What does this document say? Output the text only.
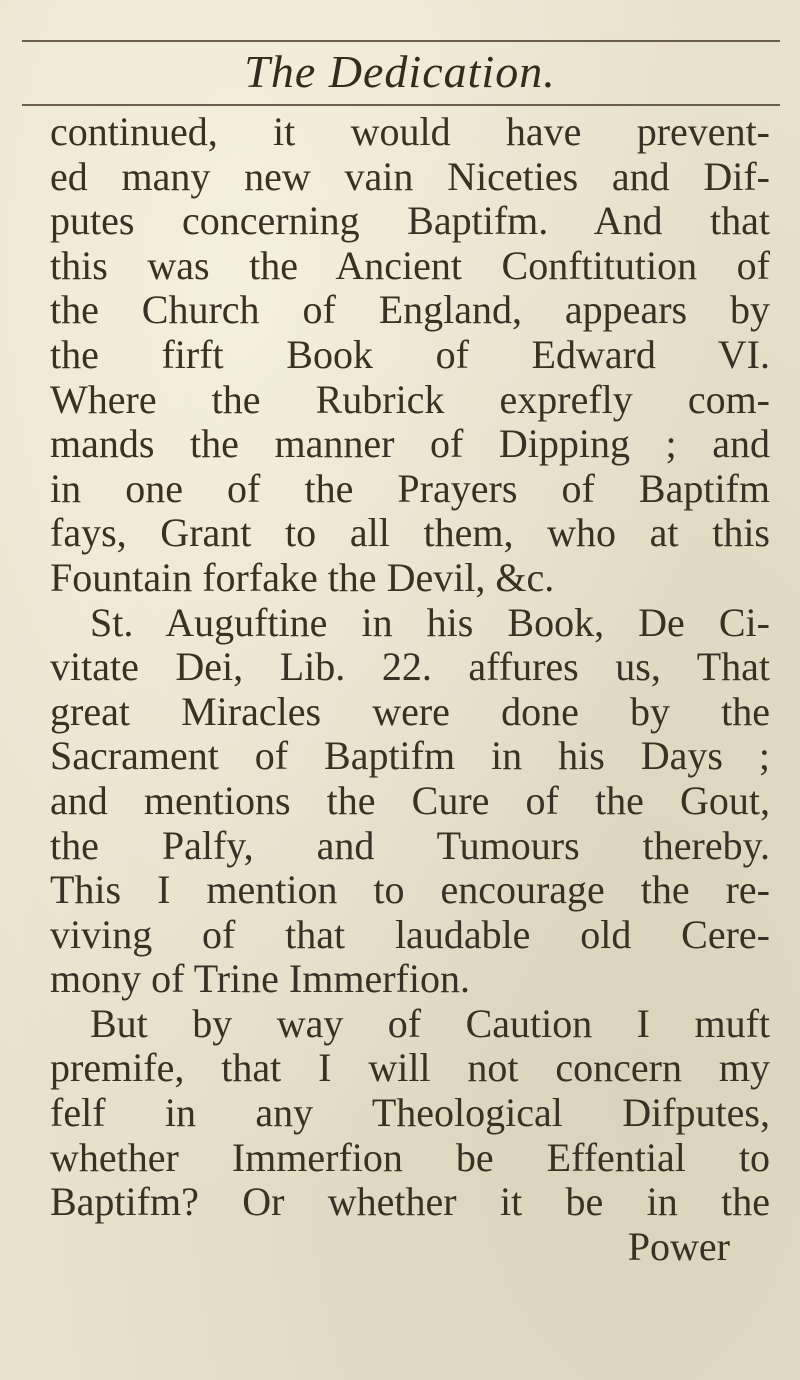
The Dedication.
continued, it would have prevent-
ed many new vain Niceties and Dif-
putes concerning Baptifm. And that
this was the Ancient Conftitution of
the Church of England, appears by
the firft Book of Edward VI.
Where the Rubrick exprefly com-
mands the manner of Dipping ; and
in one of the Prayers of Baptifm
fays, Grant to all them, who at this
Fountain forfake the Devil, &c.
St. Auguftine in his Book, De Ci-
vitate Dei, Lib. 22. affures us, That
great Miracles were done by the
Sacrament of Baptifm in his Days ;
and mentions the Cure of the Gout,
the Palfy, and Tumours thereby.
This I mention to encourage the re-
viving of that laudable old Cere-
mony of Trine Immerfion.
But by way of Caution I muft
premife, that I will not concern my
felf in any Theological Difputes,
whether Immerfion be Effential to
Baptifm? Or whether it be in the
Power
